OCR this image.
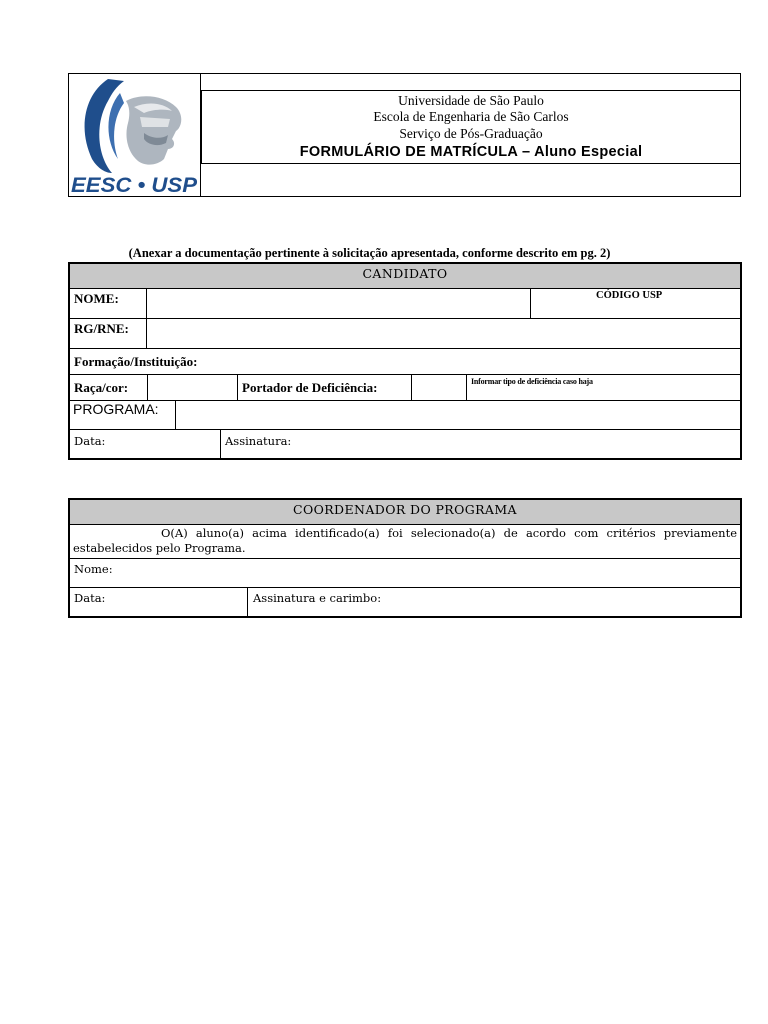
EESC • USP
Universidade de São Paulo
Escola de Engenharia de São Carlos
Serviço de Pós-Graduação
FORMULÁRIO DE MATRÍCULA – Aluno Especial
(Anexar a documentação pertinente à solicitação apresentada, conforme descrito em pg. 2)
CANDIDATO
NOME:	CÓDIGO USP
RG/RNE:
Formação/Instituição:
Raça/cor:	Portador de Deficiência:	Informar tipo de deficiência caso haja
PROGRAMA:
Data:	Assinatura:
COORDENADOR DO PROGRAMA
O(A) aluno(a) acima identificado(a) foi selecionado(a) de acordo com critérios previamente
estabelecidos pelo Programa.
Nome:
Data:	Assinatura e carimbo:
